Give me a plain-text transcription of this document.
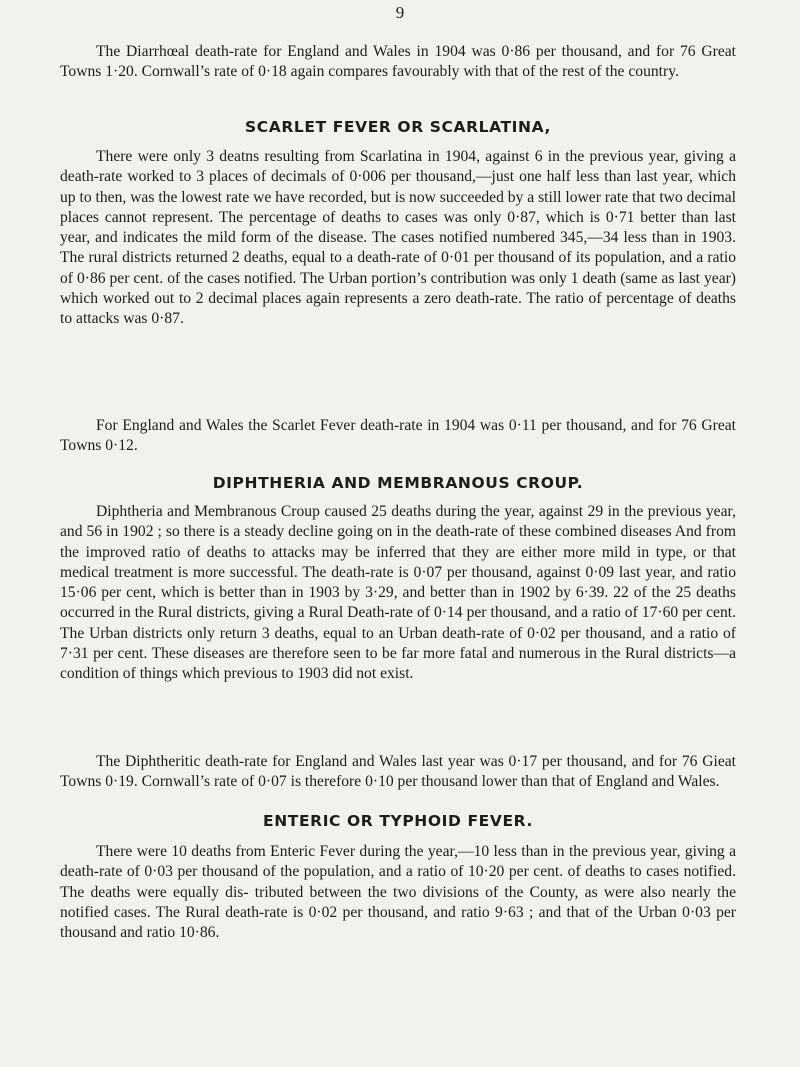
9

The Diarrhœal death-rate for England and Wales in 1904 was 0·86 per thousand, and for 76 Great Towns 1·20. Cornwall’s rate of 0·18 again compares favourably with that of the rest of the country.

SCARLET FEVER OR SCARLATINA,

There were only 3 deatns resulting from Scarlatina in 1904, against 6 in the previous year, giving a death-rate worked to 3 places of decimals of 0·006 per thousand,—just one half less than last year, which up to then, was the lowest rate we have recorded, but is now succeeded by a still lower rate that two decimal places cannot represent. The percentage of deaths to cases was only 0·87, which is 0·71 better than last year, and indicates the mild form of the disease. The cases notified numbered 345,—34 less than in 1903. The rural districts returned 2 deaths, equal to a death-rate of 0·01 per thousand of its population, and a ratio of 0·86 per cent. of the cases notified. The Urban portion’s contribution was only 1 death (same as last year) which worked out to 2 decimal places again represents a zero death-rate. The ratio of percentage of deaths to attacks was 0·87.

For England and Wales the Scarlet Fever death-rate in 1904 was 0·11 per thousand, and for 76 Great Towns 0·12.

DIPHTHERIA AND MEMBRANOUS CROUP.

Diphtheria and Membranous Croup caused 25 deaths during the year, against 29 in the previous year, and 56 in 1902 ; so there is a steady decline going on in the death-rate of these combined diseases And from the improved ratio of deaths to attacks may be inferred that they are either more mild in type, or that medical treatment is more successful. The death-rate is 0·07 per thousand, against 0·09 last year, and ratio 15·06 per cent, which is better than in 1903 by 3·29, and better than in 1902 by 6·39. 22 of the 25 deaths occurred in the Rural districts, giving a Rural Death-rate of 0·14 per thousand, and a ratio of 17·60 per cent. The Urban districts only return 3 deaths, equal to an Urban death-rate of 0·02 per thousand, and a ratio of 7·31 per cent. These diseases are therefore seen to be far more fatal and numerous in the Rural districts—a condition of things which previous to 1903 did not exist.

The Diphtheritic death-rate for England and Wales last year was 0·17 per thousand, and for 76 Gieat Towns 0·19. Cornwall’s rate of 0·07 is therefore 0·10 per thousand lower than that of England and Wales.

ENTERIC OR TYPHOID FEVER.

There were 10 deaths from Enteric Fever during the year,—10 less than in the previous year, giving a death-rate of 0·03 per thousand of the population, and a ratio of 10·20 per cent. of deaths to cases notified. The deaths were equally dis- tributed between the two divisions of the County, as were also nearly the notified cases. The Rural death-rate is 0·02 per thousand, and ratio 9·63 ; and that of the Urban 0·03 per thousand and ratio 10·86.
